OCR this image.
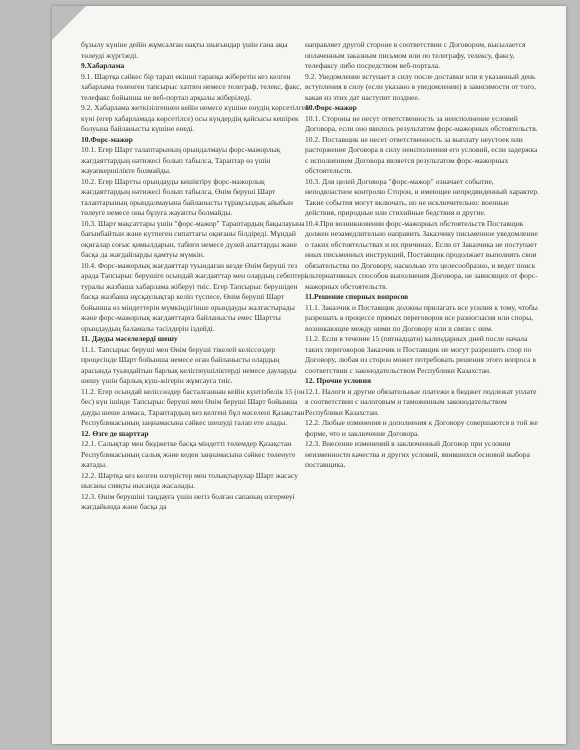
бұзылу күніне дейін жұмсалған нақты шығындар үшін ғана ақы төлеуді жүргізеді.

9.Хабарлама

9.1. Шартқа сәйкес бір тарап екінші тарапқа жіберетін кез келген хабарлама төленген тапсырыс хатпен немесе телеграф, телекс, факс, телефакс бойынша не веб-портал арқылы жіберіледі.

9.2. Хабарлама жеткізілгеннен кейін немесе күшіне енудің көрсетілген күні (егер хабарламада көрсетілсе) осы күндердің қайсысы кешірек болуына байланысты күшіне енеді.

10.Форс-мажор

10.1. Егер Шарт талаптарының орындалмауы форс-мажорлық жағдаяттардың нәтижесі болып табылса, Тараптар өз үшін жауапкершілікте болмайды.

10.2. Егер Шартты орындауды кешіктіру форс-мажорлық жағдаяттардың нәтижесі болып табылса, Өнім беруші Шарт талаптарының орындалмауына байланысты тұрақсыздық айыбын төлеуге немесе оны бұзуға жауапты болмайды.

10.3. Шарт мақсаттары үшін "форс-мажор" Тараптардың бақылауына бағынбайтын және күтпеген сипаттағы оқиғаны білдіреді. Мұндай оқиғалар соғыс қимылдарын, табиғи немесе дүлей апаттарды және басқа да жағдайларды қамтуы мүмкін.

10.4. Форс-мажорлық жағдаяттар туындаған кезде Өнім беруші тез арада Тапсырыс берушіге осындай жағдаяттар мен олардың себептері туралы жазбаша хабарлама жіберуі тиіс. Егер Тапсырыс берушіден басқа жазбаша нұсқаулықтар келіп түспесе, Өнім беруші Шарт бойынша өз міндеттерін мүмкіндігінше орындауды жалғастырады және форс-мажорлық жағдаяттарға байланысты емес Шартты орындаудың баламалы тәсілдерін іздейді.

11. Дауды мәселелерді шешу

11.1. Тапсырыс беруші мен Өнім беруші тікелей келіссөздер процесінде Шарт бойынша немесе оған байланысты олардың арасында туындайтын барлық келіспеушіліктерді немесе дауларды шешу үшін барлық күш-жігерін жұмсауға тиіс.

11.2. Егер осындай келіссөздер басталғаннан кейін күнтізбелік 15 (он бес) күн ішінде Тапсырыс беруші мен Өнім беруші Шарт бойынша дауды шеше алмаса, Тараптардың кез келгені бұл мәселені Қазақстан Республикасының заңнамасына сәйкес шешуді талап ете алады.

12. Өзге де шарттар

12.1. Салықтар мен бюджетке басқа міндетті төлемдер Қазақстан Республикасының салық және кеден заңнамасына сәйкес төленуге жатады.

12.2. Шартқа кез келген өзгерістер мен толықтырулар Шарт жасасу нысаны сияқты нысанда жасалады.

12.3. Өнім берушіні таңдауға үшін негіз болған сапаның өзгермеуі жағдайында және басқа да

направляет другой стороне в соответствии с Договором, высылается оплаченным заказным письмом или по телеграфу, телексу, факсу, телефаксу либо посредством веб-портала.

9.2. Уведомление вступает в силу после доставки или в указанный день вступления в силу (если указано в уведомлении) в зависимости от того, какая из этих дат наступит позднее.

10.Форс-мажор

10.1. Стороны не несут ответственность за неисполнение условий Договора, если оно явилось результатом форс-мажорных обстоятельств.

10.2. Поставщик не несет ответственность за выплату неустоек или расторжение Договора в силу неисполнения его условий, если задержка с исполнением Договора является результатом форс-мажорных обстоятельств.

10.3. Для целей Договора "форс-мажор" означает событие, неподвластное контролю Сторон, и имеющее непредвиденный характер. Такие события могут включать, но не исключительно: военные действия, природные или стихийные бедствия и другие.

10.4.При возникновении форс-мажорных обстоятельств Поставщик должен незамедлительно направить Заказчику письменное уведомление о таких обстоятельствах и их причинах. Если от Заказчика не поступает иных письменных инструкций, Поставщик продолжает выполнять свои обязательства по Договору, насколько это целесообразно, и ведет поиск альтернативных способов выполнения Договора, не зависящих от форс-мажорных обстоятельств.

11.Решение спорных вопросов

11.1. Заказчик и Поставщик должны прилагать все усилия к тому, чтобы разрешать в процессе прямых переговоров все разногласия или споры, возникающие между ними по Договору или в связи с ним.

11.2. Если в течение 15 (пятнадцати) календарных дней после начала таких переговоров Заказчик и Поставщик не могут разрешить спор по Договору, любая из сторон может потребовать решения этого вопроса в соответствии с законодательством Республики Казахстан.

12. Прочие условия

12.1. Налоги и другие обязательные платежи в бюджет подлежат уплате в соответствии с налоговым и таможенным законодательством Республики Казахстан.

12.2. Любые изменения и дополнения к Договору совершаются в той же форме, что и заключение Договора.

12.3. Внесение изменений в заключенный Договор при условии неизменности качества и других условий, явившихся основой выбора поставщика,
